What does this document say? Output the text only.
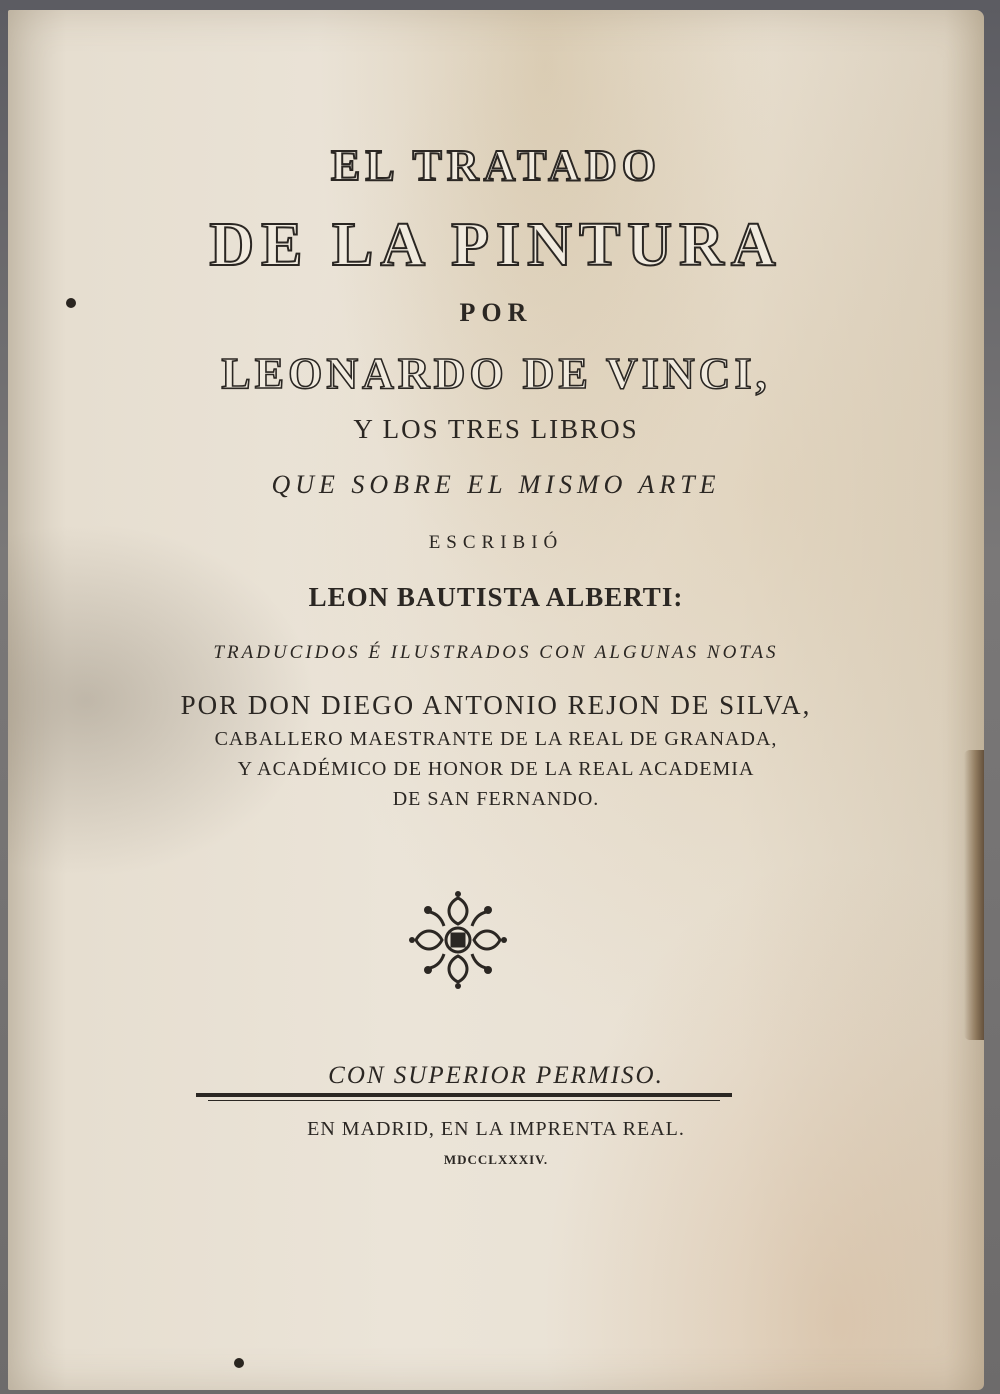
EL TRATADO
DE LA PINTURA
POR
LEONARDO DE VINCI,
Y LOS TRES LIBROS
QUE SOBRE EL MISMO ARTE
ESCRIBIÓ
LEON BAUTISTA ALBERTI:
TRADUCIDOS É ILUSTRADOS CON ALGUNAS NOTAS
POR DON DIEGO ANTONIO REJON DE SILVA,
CABALLERO MAESTRANTE DE LA REAL DE GRANADA,
Y ACADÉMICO DE HONOR DE LA REAL ACADEMIA
DE SAN FERNANDO.
CON SUPERIOR PERMISO.
EN MADRID, EN LA IMPRENTA REAL.
MDCCLXXXIV.
